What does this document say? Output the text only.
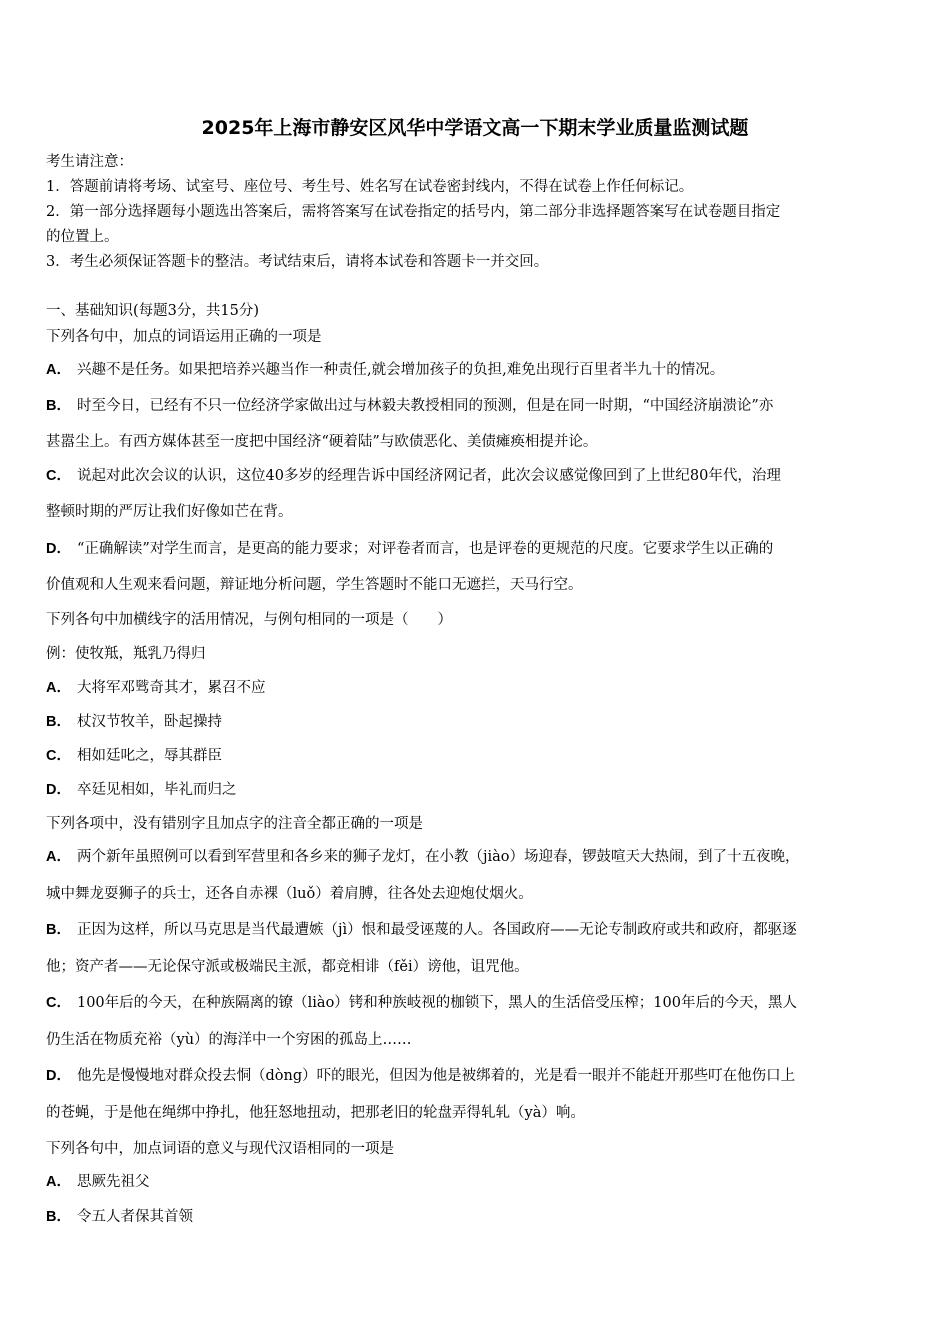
2025年上海市静安区风华中学语文高一下期末学业质量监测试题
考生请注意：
1．答题前请将考场、试室号、座位号、考生号、姓名写在试卷密封线内，不得在试卷上作任何标记。
2．第一部分选择题每小题选出答案后，需将答案写在试卷指定的括号内，第二部分非选择题答案写在试卷题目指定
的位置上。
3．考生必须保证答题卡的整洁。考试结束后，请将本试卷和答题卡一并交回。
一、基础知识(每题3分，共15分)
下列各句中，加点的词语运用正确的一项是
A． 兴趣不是任务。如果把培养兴趣当作一种责任,就会增加孩子的负担,难免出现行百里者半九十的情况。
B． 时至今日，已经有不只一位经济学家做出过与林毅夫教授相同的预测，但是在同一时期，“中国经济崩溃论”亦
甚嚣尘上。有西方媒体甚至一度把中国经济“硬着陆”与欧债恶化、美债瘫痪相提并论。
C． 说起对此次会议的认识，这位40多岁的经理告诉中国经济网记者，此次会议感觉像回到了上世纪80年代，治理
整顿时期的严厉让我们好像如芒在背。
D． “正确解读”对学生而言，是更高的能力要求；对评卷者而言，也是评卷的更规范的尺度。它要求学生以正确的
价值观和人生观来看问题，辩证地分析问题，学生答题时不能口无遮拦，天马行空。
下列各句中加横线字的活用情况，与例句相同的一项是（　　）
例：使牧羝，羝乳乃得归
A． 大将军邓骘奇其才，累召不应
B． 杖汉节牧羊，卧起操持
C． 相如廷叱之，辱其群臣
D． 卒廷见相如，毕礼而归之
下列各项中，没有错别字且加点字的注音全都正确的一项是
A． 两个新年虽照例可以看到军营里和各乡来的狮子龙灯，在小教（jiào）场迎春，锣鼓喧天大热闹，到了十五夜晚，
城中舞龙耍狮子的兵士，还各自赤裸（luǒ）着肩膊，往各处去迎炮仗烟火。
B． 正因为这样，所以马克思是当代最遭嫉（jì）恨和最受诬蔑的人。各国政府——无论专制政府或共和政府，都驱逐
他；资产者——无论保守派或极端民主派，都竞相诽（fěi）谤他，诅咒他。
C． 100年后的今天，在种族隔离的镣（liào）铐和种族岐视的枷锁下，黑人的生活倍受压榨；100年后的今天，黑人
仍生活在物质充裕（yù）的海洋中一个穷困的孤岛上……
D． 他先是慢慢地对群众投去恫（dòng）吓的眼光，但因为他是被绑着的，光是看一眼并不能赶开那些叮在他伤口上
的苍蝇，于是他在绳绑中挣扎，他狂怒地扭动，把那老旧的轮盘弄得轧轧（yà）响。
下列各句中，加点词语的意义与现代汉语相同的一项是
A． 思厥先祖父
B． 令五人者保其首领
